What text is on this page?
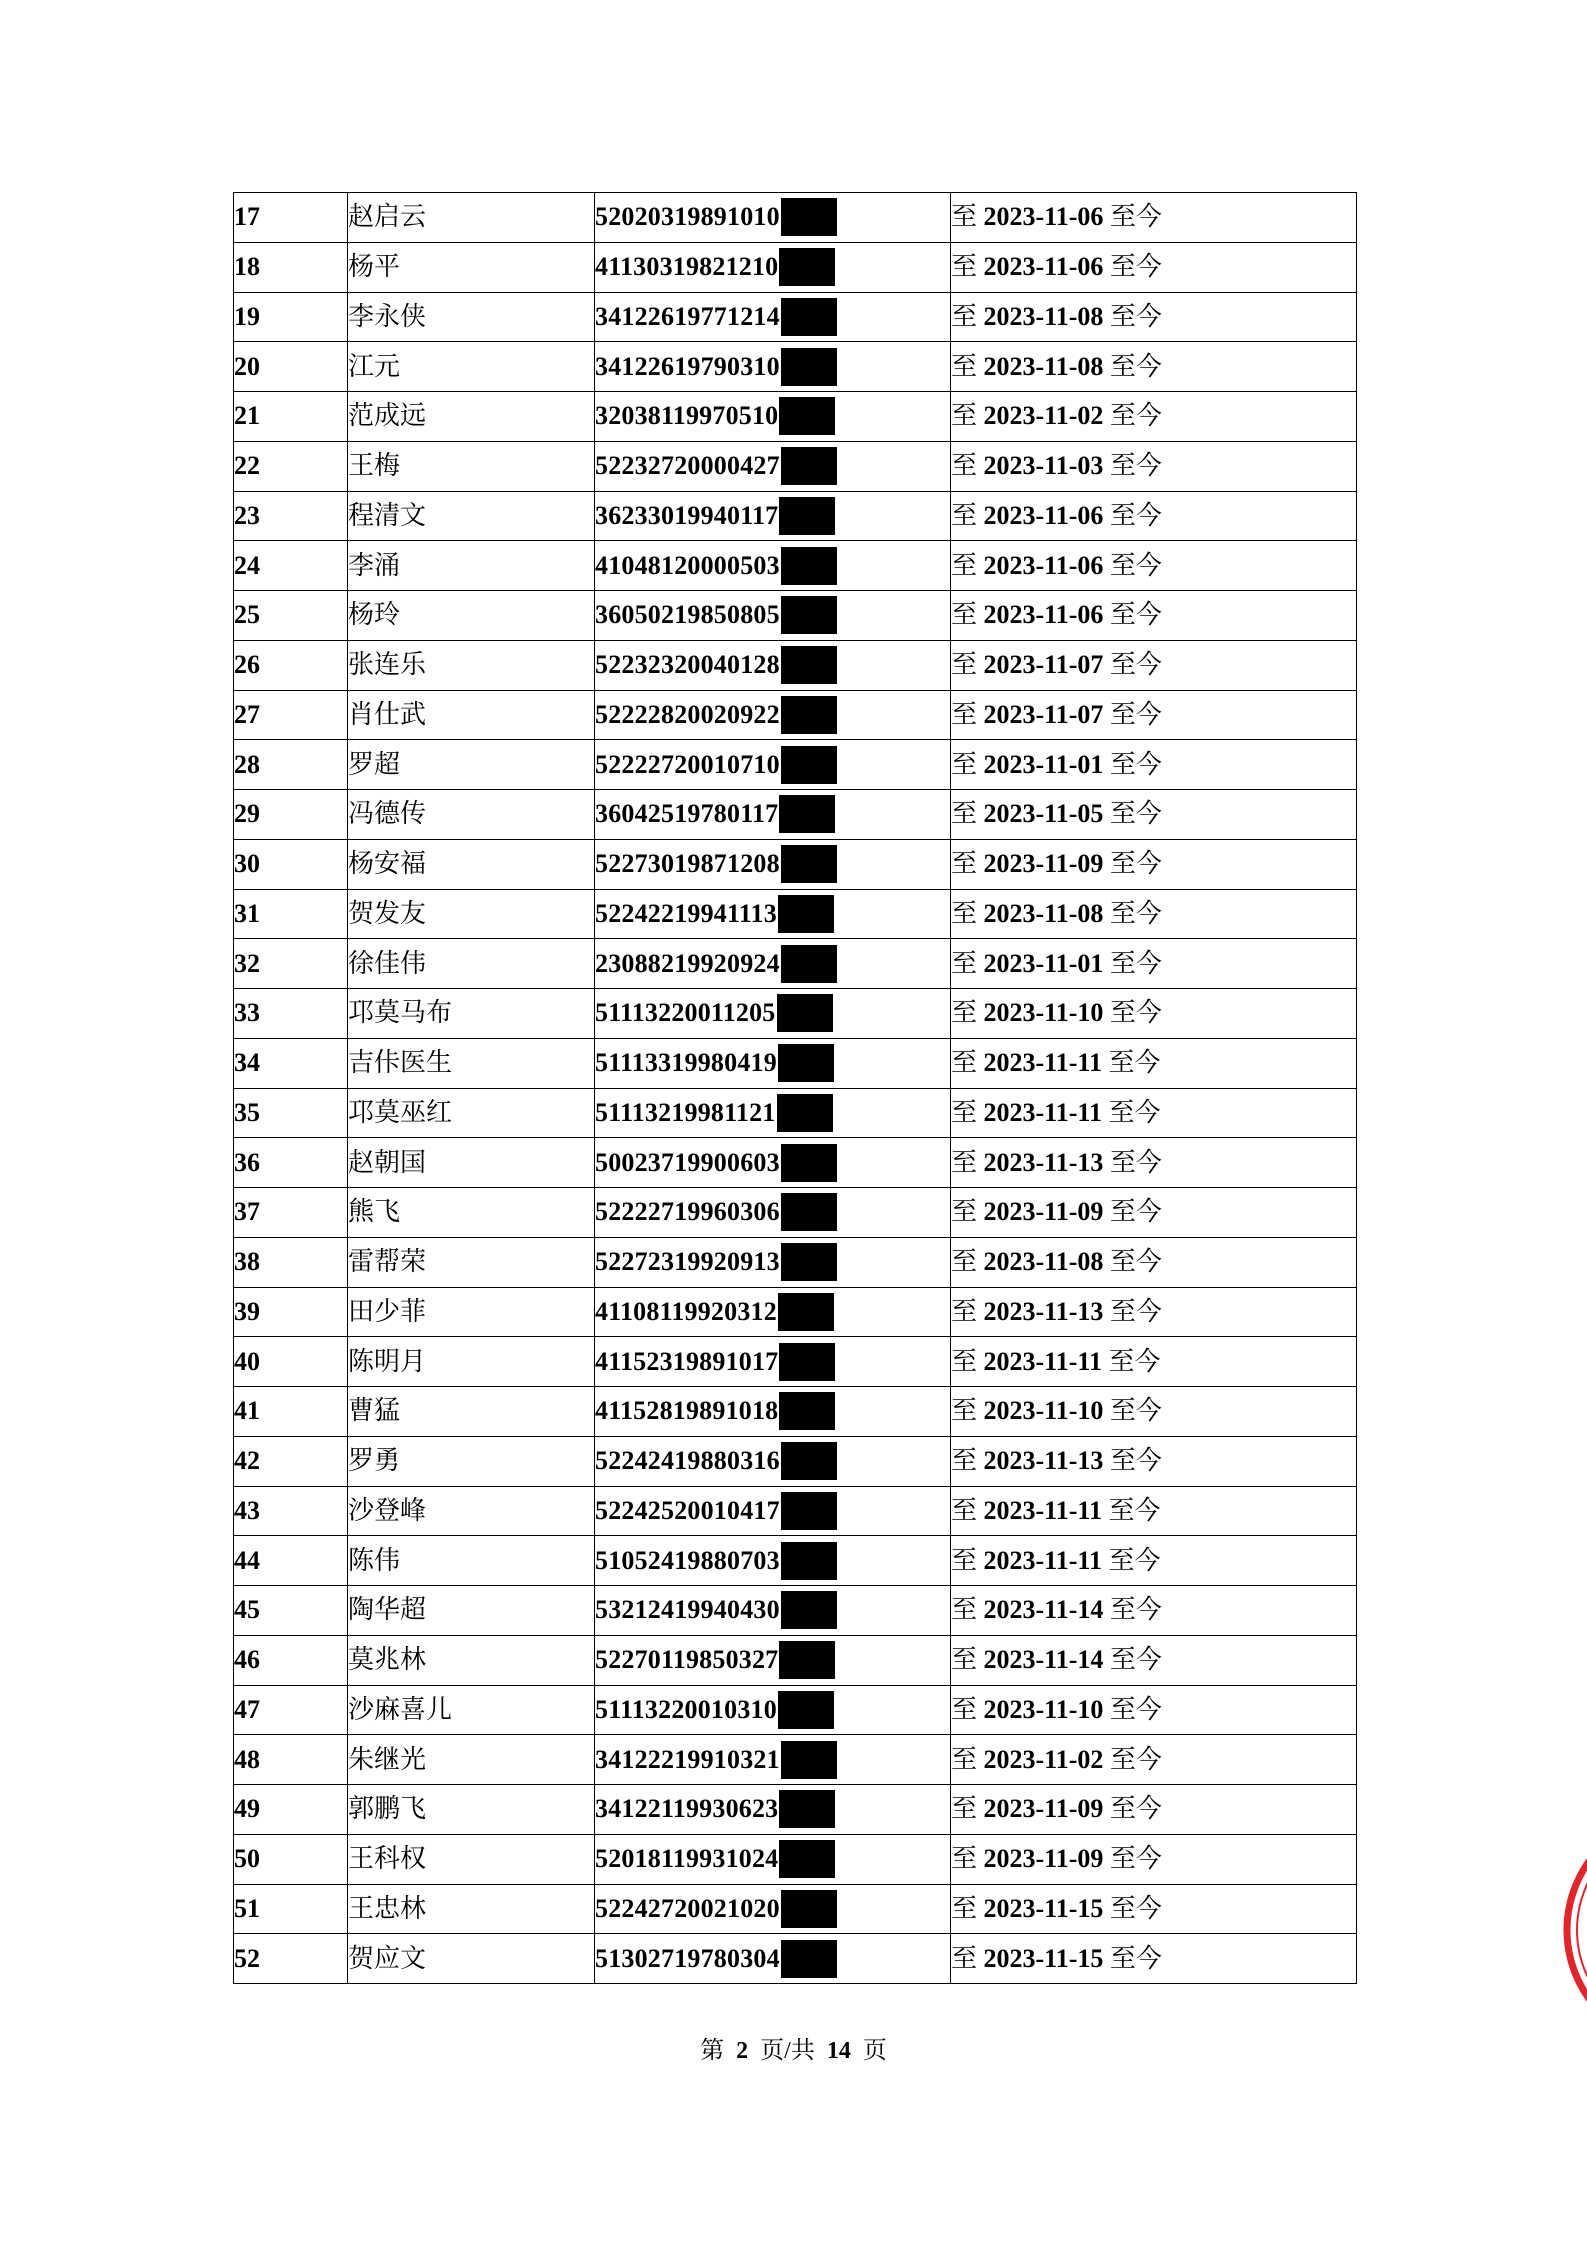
17	赵启云	52020319891010	至 2023-11-06 至今
18	杨平	41130319821210	至 2023-11-06 至今
19	李永侠	34122619771214	至 2023-11-08 至今
20	江元	34122619790310	至 2023-11-08 至今
21	范成远	32038119970510	至 2023-11-02 至今
22	王梅	52232720000427	至 2023-11-03 至今
23	程清文	36233019940117	至 2023-11-06 至今
24	李涌	41048120000503	至 2023-11-06 至今
25	杨玲	36050219850805	至 2023-11-06 至今
26	张连乐	52232320040128	至 2023-11-07 至今
27	肖仕武	52222820020922	至 2023-11-07 至今
28	罗超	52222720010710	至 2023-11-01 至今
29	冯德传	36042519780117	至 2023-11-05 至今
30	杨安福	52273019871208	至 2023-11-09 至今
31	贺发友	52242219941113	至 2023-11-08 至今
32	徐佳伟	23088219920924	至 2023-11-01 至今
33	邛莫马布	51113220011205	至 2023-11-10 至今
34	吉佧医生	51113319980419	至 2023-11-11 至今
35	邛莫巫红	51113219981121	至 2023-11-11 至今
36	赵朝国	50023719900603	至 2023-11-13 至今
37	熊飞	52222719960306	至 2023-11-09 至今
38	雷帮荣	52272319920913	至 2023-11-08 至今
39	田少菲	41108119920312	至 2023-11-13 至今
40	陈明月	41152319891017	至 2023-11-11 至今
41	曹猛	41152819891018	至 2023-11-10 至今
42	罗勇	52242419880316	至 2023-11-13 至今
43	沙登峰	52242520010417	至 2023-11-11 至今
44	陈伟	51052419880703	至 2023-11-11 至今
45	陶华超	53212419940430	至 2023-11-14 至今
46	莫兆林	52270119850327	至 2023-11-14 至今
47	沙麻喜儿	51113220010310	至 2023-11-10 至今
48	朱继光	34122219910321	至 2023-11-02 至今
49	郭鹏飞	34122119930623	至 2023-11-09 至今
50	王科权	52018119931024	至 2023-11-09 至今
51	王忠林	52242720021020	至 2023-11-15 至今
52	贺应文	51302719780304	至 2023-11-15 至今
第 2 页/共 14 页
